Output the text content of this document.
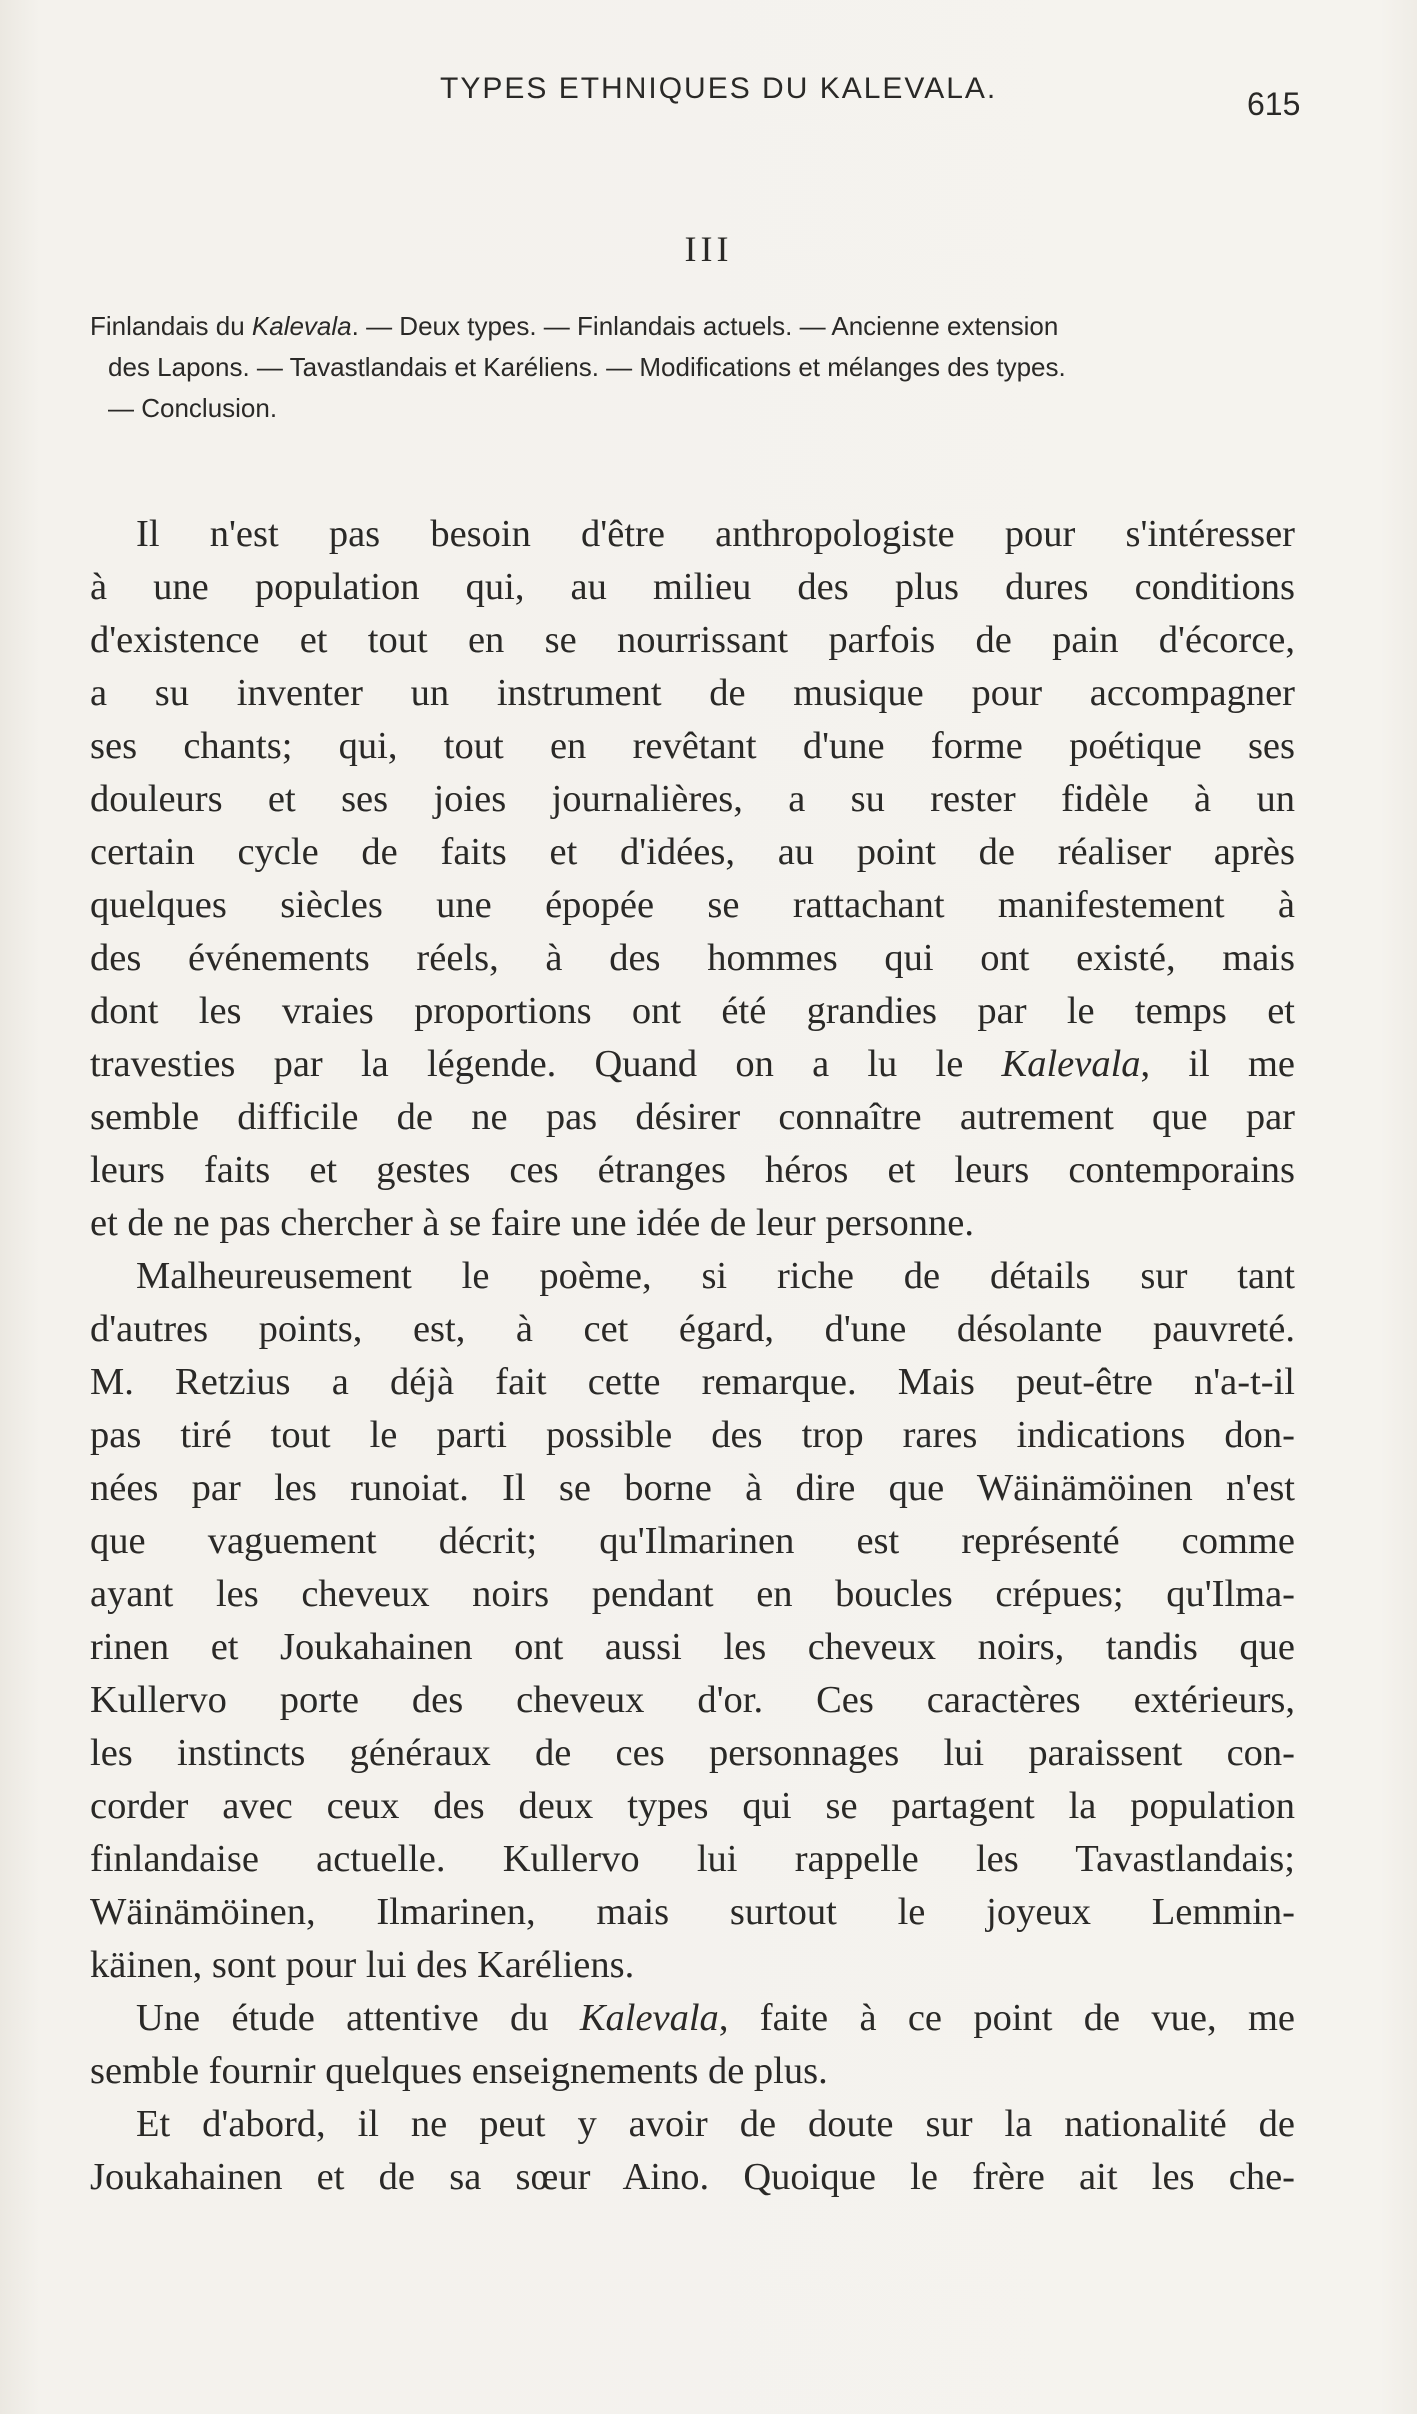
TYPES ETHNIQUES DU KALEVALA.	615
III
Finlandais du Kalevala. — Deux types. — Finlandais actuels. — Ancienne extension
des Lapons. — Tavastlandais et Karéliens. — Modifications et mélanges des types.
— Conclusion.
Il n'est pas besoin d'être anthropologiste pour s'intéresser
à une population qui, au milieu des plus dures conditions
d'existence et tout en se nourrissant parfois de pain d'écorce,
a su inventer un instrument de musique pour accompagner
ses chants; qui, tout en revêtant d'une forme poétique ses
douleurs et ses joies journalières, a su rester fidèle à un
certain cycle de faits et d'idées, au point de réaliser après
quelques siècles une épopée se rattachant manifestement à
des événements réels, à des hommes qui ont existé, mais
dont les vraies proportions ont été grandies par le temps et
travesties par la légende. Quand on a lu le Kalevala, il me
semble difficile de ne pas désirer connaître autrement que par
leurs faits et gestes ces étranges héros et leurs contemporains
et de ne pas chercher à se faire une idée de leur personne.
Malheureusement le poème, si riche de détails sur tant
d'autres points, est, à cet égard, d'une désolante pauvreté.
M. Retzius a déjà fait cette remarque. Mais peut-être n'a-t-il
pas tiré tout le parti possible des trop rares indications don-
nées par les runoiat. Il se borne à dire que Wäinämöinen n'est
que vaguement décrit; qu'Ilmarinen est représenté comme
ayant les cheveux noirs pendant en boucles crépues; qu'Ilma-
rinen et Joukahainen ont aussi les cheveux noirs, tandis que
Kullervo porte des cheveux d'or. Ces caractères extérieurs,
les instincts généraux de ces personnages lui paraissent con-
corder avec ceux des deux types qui se partagent la population
finlandaise actuelle. Kullervo lui rappelle les Tavastlandais;
Wäinämöinen, Ilmarinen, mais surtout le joyeux Lemmin-
käinen, sont pour lui des Karéliens.
Une étude attentive du Kalevala, faite à ce point de vue, me
semble fournir quelques enseignements de plus.
Et d'abord, il ne peut y avoir de doute sur la nationalité de
Joukahainen et de sa sœur Aino. Quoique le frère ait les che-
